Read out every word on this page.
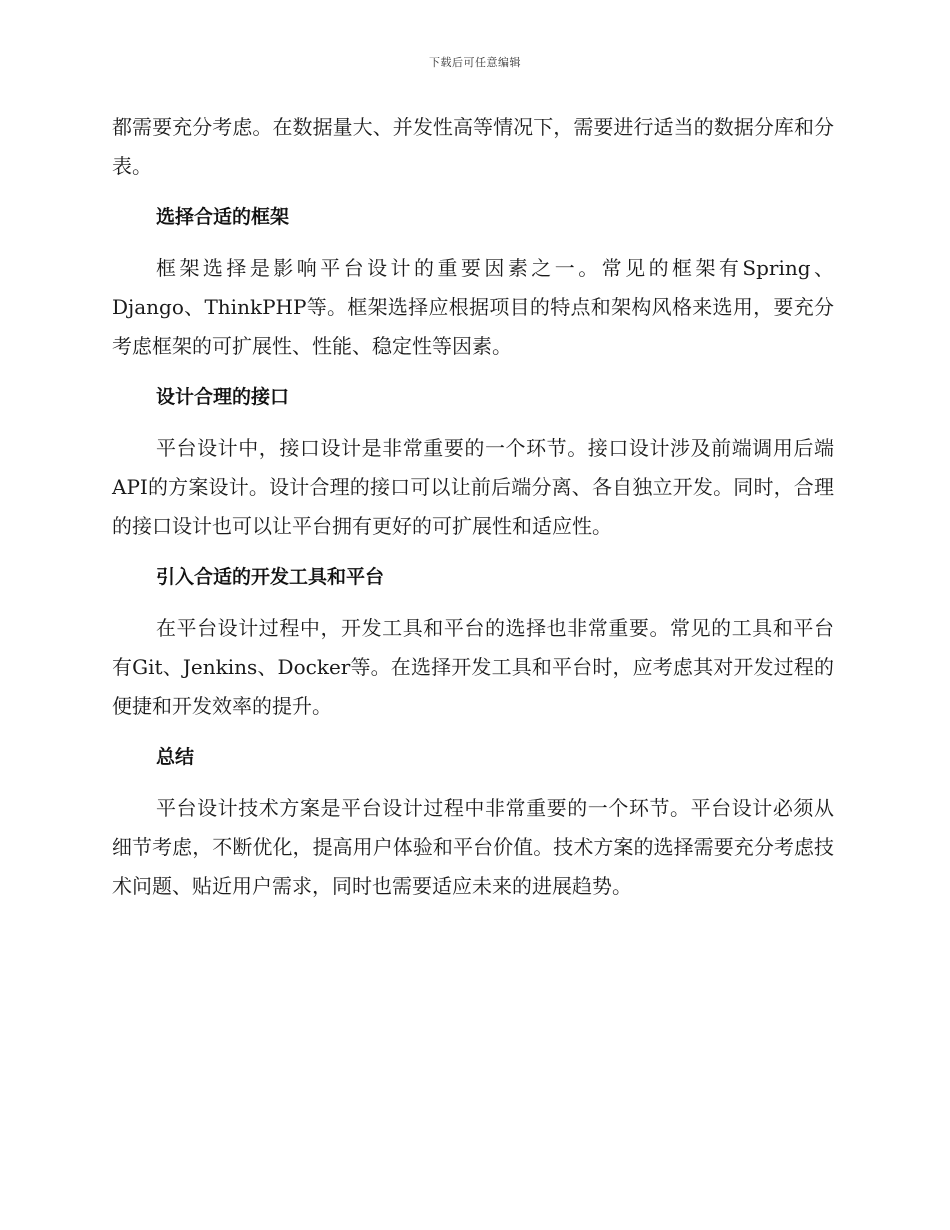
下载后可任意编辑

都需要充分考虑。在数据量大、并发性高等情况下，需要进行适当的数据分库和分表。

选择合适的框架

框架选择是影响平台设计的重要因素之一。常见的框架有Spring、Django、ThinkPHP等。框架选择应根据项目的特点和架构风格来选用，要充分考虑框架的可扩展性、性能、稳定性等因素。

设计合理的接口

平台设计中，接口设计是非常重要的一个环节。接口设计涉及前端调用后端API的方案设计。设计合理的接口可以让前后端分离、各自独立开发。同时，合理的接口设计也可以让平台拥有更好的可扩展性和适应性。

引入合适的开发工具和平台

在平台设计过程中，开发工具和平台的选择也非常重要。常见的工具和平台有Git、Jenkins、Docker等。在选择开发工具和平台时，应考虑其对开发过程的便捷和开发效率的提升。

总结

平台设计技术方案是平台设计过程中非常重要的一个环节。平台设计必须从细节考虑，不断优化，提高用户体验和平台价值。技术方案的选择需要充分考虑技术问题、贴近用户需求，同时也需要适应未来的进展趋势。
